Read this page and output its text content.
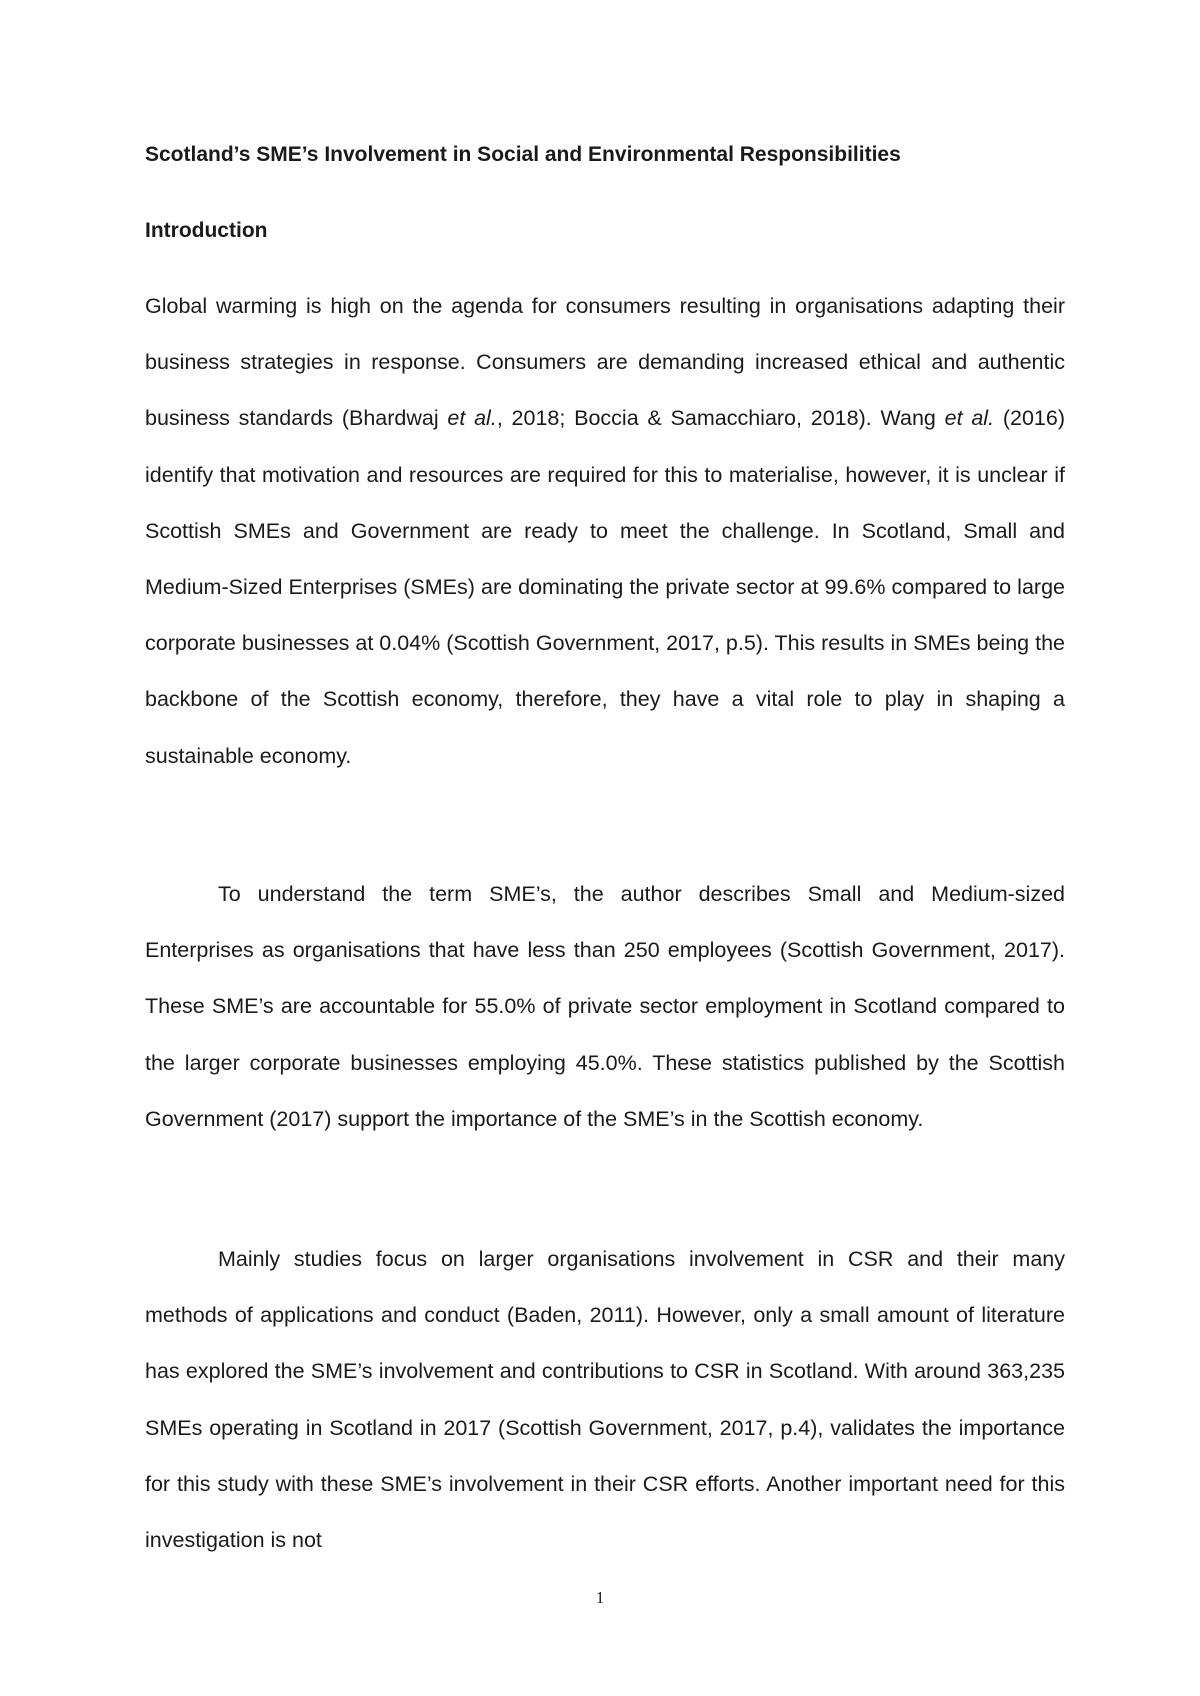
Scotland’s SME’s Involvement in Social and Environmental Responsibilities
Introduction

Global warming is high on the agenda for consumers resulting in organisations adapting their business strategies in response. Consumers are demanding increased ethical and authentic business standards (Bhardwaj et al., 2018; Boccia & Samacchiaro, 2018). Wang et al. (2016) identify that motivation and resources are required for this to materialise, however, it is unclear if Scottish SMEs and Government are ready to meet the challenge. In Scotland, Small and Medium-Sized Enterprises (SMEs) are dominating the private sector at 99.6% compared to large corporate businesses at 0.04% (Scottish Government, 2017, p.5). This results in SMEs being the backbone of the Scottish economy, therefore, they have a vital role to play in shaping a sustainable economy.

To understand the term SME’s, the author describes Small and Medium-sized Enterprises as organisations that have less than 250 employees (Scottish Government, 2017). These SME’s are accountable for 55.0% of private sector employment in Scotland compared to the larger corporate businesses employing 45.0%. These statistics published by the Scottish Government (2017) support the importance of the SME’s in the Scottish economy.

Mainly studies focus on larger organisations involvement in CSR and their many methods of applications and conduct (Baden, 2011). However, only a small amount of literature has explored the SME’s involvement and contributions to CSR in Scotland. With around 363,235 SMEs operating in Scotland in 2017 (Scottish Government, 2017, p.4), validates the importance for this study with these SME’s involvement in their CSR efforts. Another important need for this investigation is not

1
